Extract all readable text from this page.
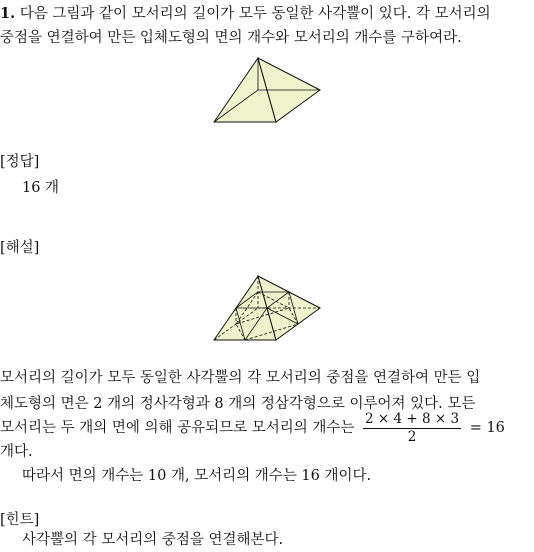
1. 다음 그림과 같이 모서리의 길이가 모두 동일한 사각뿔이 있다. 각 모서리의
중점을 연결하여 만든 입체도형의 면의 개수와 모서리의 개수를 구하여라.
[정답]
16 개
[해설]
모서리의 길이가 모두 동일한 사각뿔의 각 모서리의 중점을 연결하여 만든 입
체도형의 면은 2 개의 정사각형과 8 개의 정삼각형으로 이루어져 있다. 모든
모서리는 두 개의 면에 의해 공유되므로 모서리의 개수는 $\frac{2 \times 4 + 8 \times 3}{2} = 16$
개다.
따라서 면의 개수는 10 개, 모서리의 개수는 16 개이다.
[힌트]
사각뿔의 각 모서리의 중점을 연결해본다.
